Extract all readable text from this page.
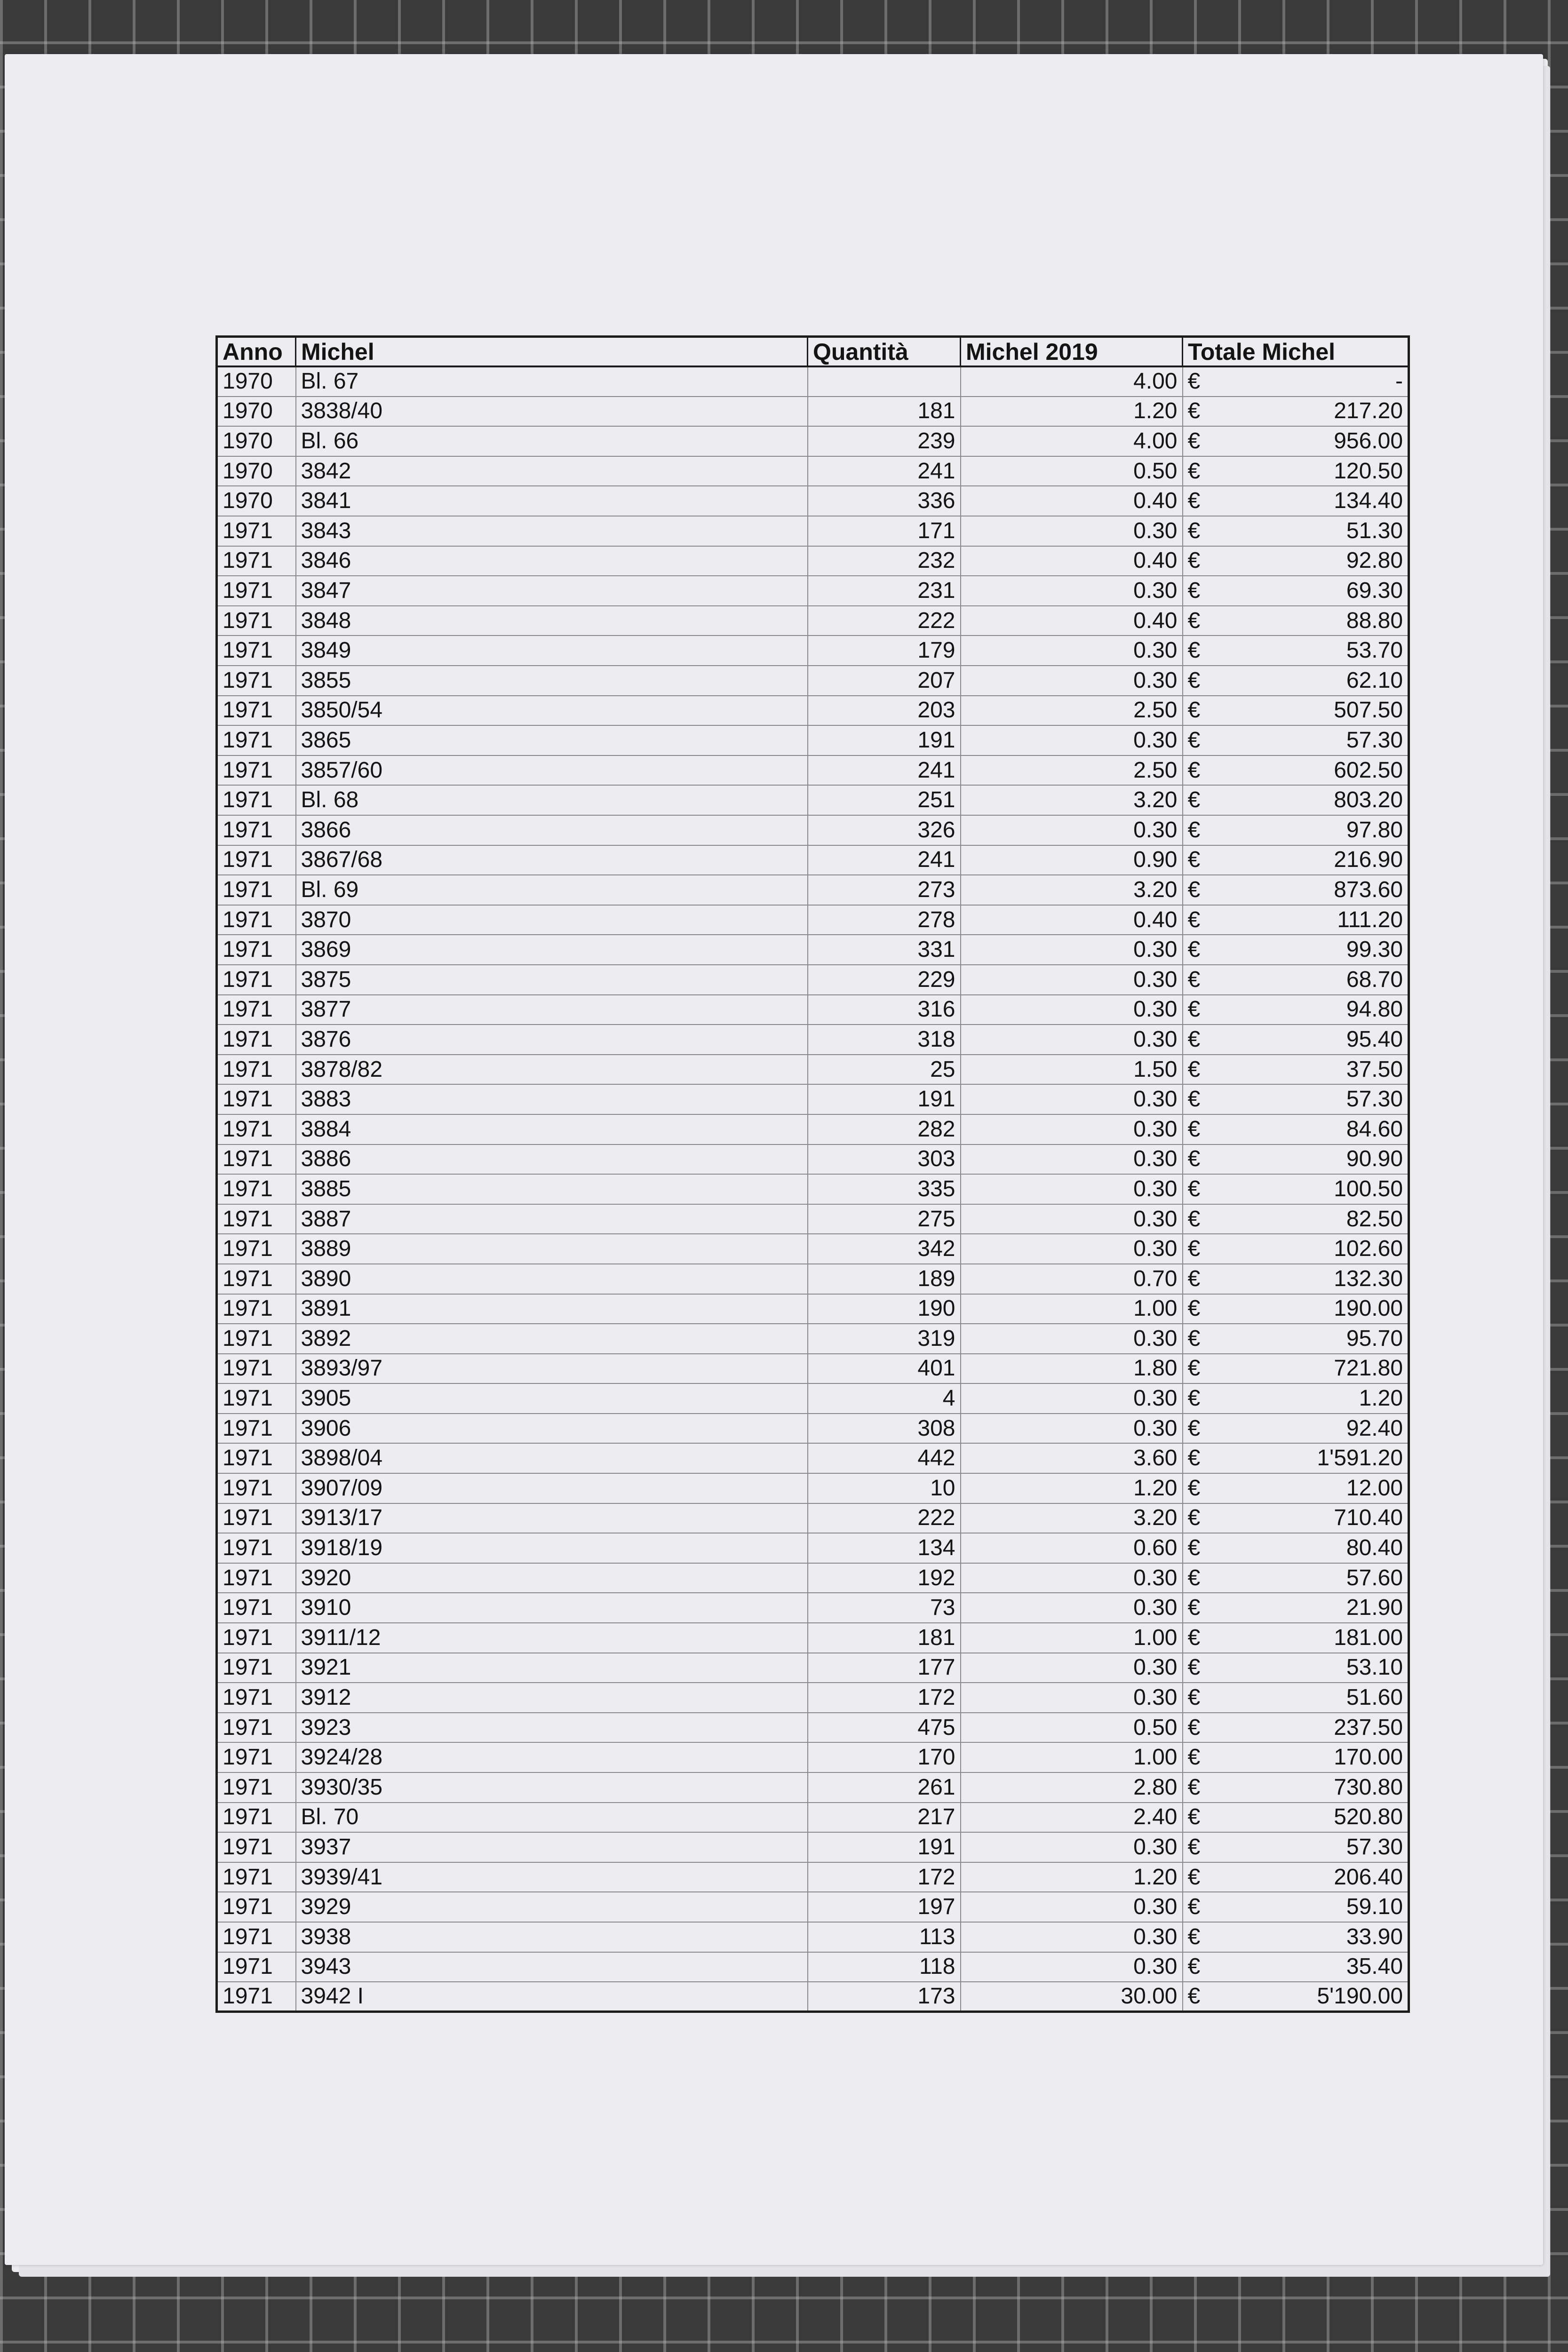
Anno	Michel	Quantità	Michel 2019	Totale Michel	
1970	Bl. 67		4.00	€	-
1970	3838/40	181	1.20	€	217.20
1970	Bl. 66	239	4.00	€	956.00
1970	3842	241	0.50	€	120.50
1970	3841	336	0.40	€	134.40
1971	3843	171	0.30	€	51.30
1971	3846	232	0.40	€	92.80
1971	3847	231	0.30	€	69.30
1971	3848	222	0.40	€	88.80
1971	3849	179	0.30	€	53.70
1971	3855	207	0.30	€	62.10
1971	3850/54	203	2.50	€	507.50
1971	3865	191	0.30	€	57.30
1971	3857/60	241	2.50	€	602.50
1971	Bl. 68	251	3.20	€	803.20
1971	3866	326	0.30	€	97.80
1971	3867/68	241	0.90	€	216.90
1971	Bl. 69	273	3.20	€	873.60
1971	3870	278	0.40	€	111.20
1971	3869	331	0.30	€	99.30
1971	3875	229	0.30	€	68.70
1971	3877	316	0.30	€	94.80
1971	3876	318	0.30	€	95.40
1971	3878/82	25	1.50	€	37.50
1971	3883	191	0.30	€	57.30
1971	3884	282	0.30	€	84.60
1971	3886	303	0.30	€	90.90
1971	3885	335	0.30	€	100.50
1971	3887	275	0.30	€	82.50
1971	3889	342	0.30	€	102.60
1971	3890	189	0.70	€	132.30
1971	3891	190	1.00	€	190.00
1971	3892	319	0.30	€	95.70
1971	3893/97	401	1.80	€	721.80
1971	3905	4	0.30	€	1.20
1971	3906	308	0.30	€	92.40
1971	3898/04	442	3.60	€	1'591.20
1971	3907/09	10	1.20	€	12.00
1971	3913/17	222	3.20	€	710.40
1971	3918/19	134	0.60	€	80.40
1971	3920	192	0.30	€	57.60
1971	3910	73	0.30	€	21.90
1971	3911/12	181	1.00	€	181.00
1971	3921	177	0.30	€	53.10
1971	3912	172	0.30	€	51.60
1971	3923	475	0.50	€	237.50
1971	3924/28	170	1.00	€	170.00
1971	3930/35	261	2.80	€	730.80
1971	Bl. 70	217	2.40	€	520.80
1971	3937	191	0.30	€	57.30
1971	3939/41	172	1.20	€	206.40
1971	3929	197	0.30	€	59.10
1971	3938	113	0.30	€	33.90
1971	3943	118	0.30	€	35.40
1971	3942 I	173	30.00	€	5'190.00
